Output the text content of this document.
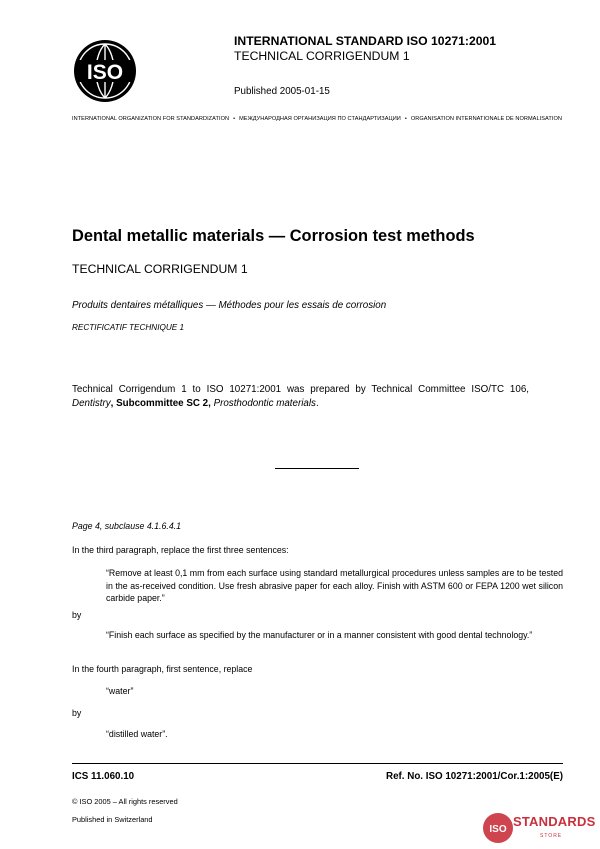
ISO
INTERNATIONAL STANDARD ISO 10271:2001
TECHNICAL CORRIGENDUM 1
Published 2005-01-15
INTERNATIONAL ORGANIZATION FOR STANDARDIZATION • МЕЖДУНАРОДНАЯ ОРГАНИЗАЦИЯ ПО СТАНДАРТИЗАЦИИ • ORGANISATION INTERNATIONALE DE NORMALISATION
Dental metallic materials — Corrosion test methods
TECHNICAL CORRIGENDUM 1
Produits dentaires métalliques — Méthodes pour les essais de corrosion
RECTIFICATIF TECHNIQUE 1
Technical Corrigendum 1 to ISO 10271:2001 was prepared by Technical Committee ISO/TC 106, Dentistry, Subcommittee SC 2, Prosthodontic materials.
Page 4, subclause 4.1.6.4.1
In the third paragraph, replace the first three sentences:
“Remove at least 0,1 mm from each surface using standard metallurgical procedures unless samples are to be tested in the as-received condition. Use fresh abrasive paper for each alloy. Finish with ASTM 600 or FEPA 1200 wet silicon carbide paper.”
by
“Finish each surface as specified by the manufacturer or in a manner consistent with good dental technology.”
In the fourth paragraph, first sentence, replace
“water”
by
“distilled water”.
ICS 11.060.10	Ref. No. ISO 10271:2001/Cor.1:2005(E)
© ISO 2005 – All rights reserved
Published in Switzerland
ISO
STANDARDS
STORE
